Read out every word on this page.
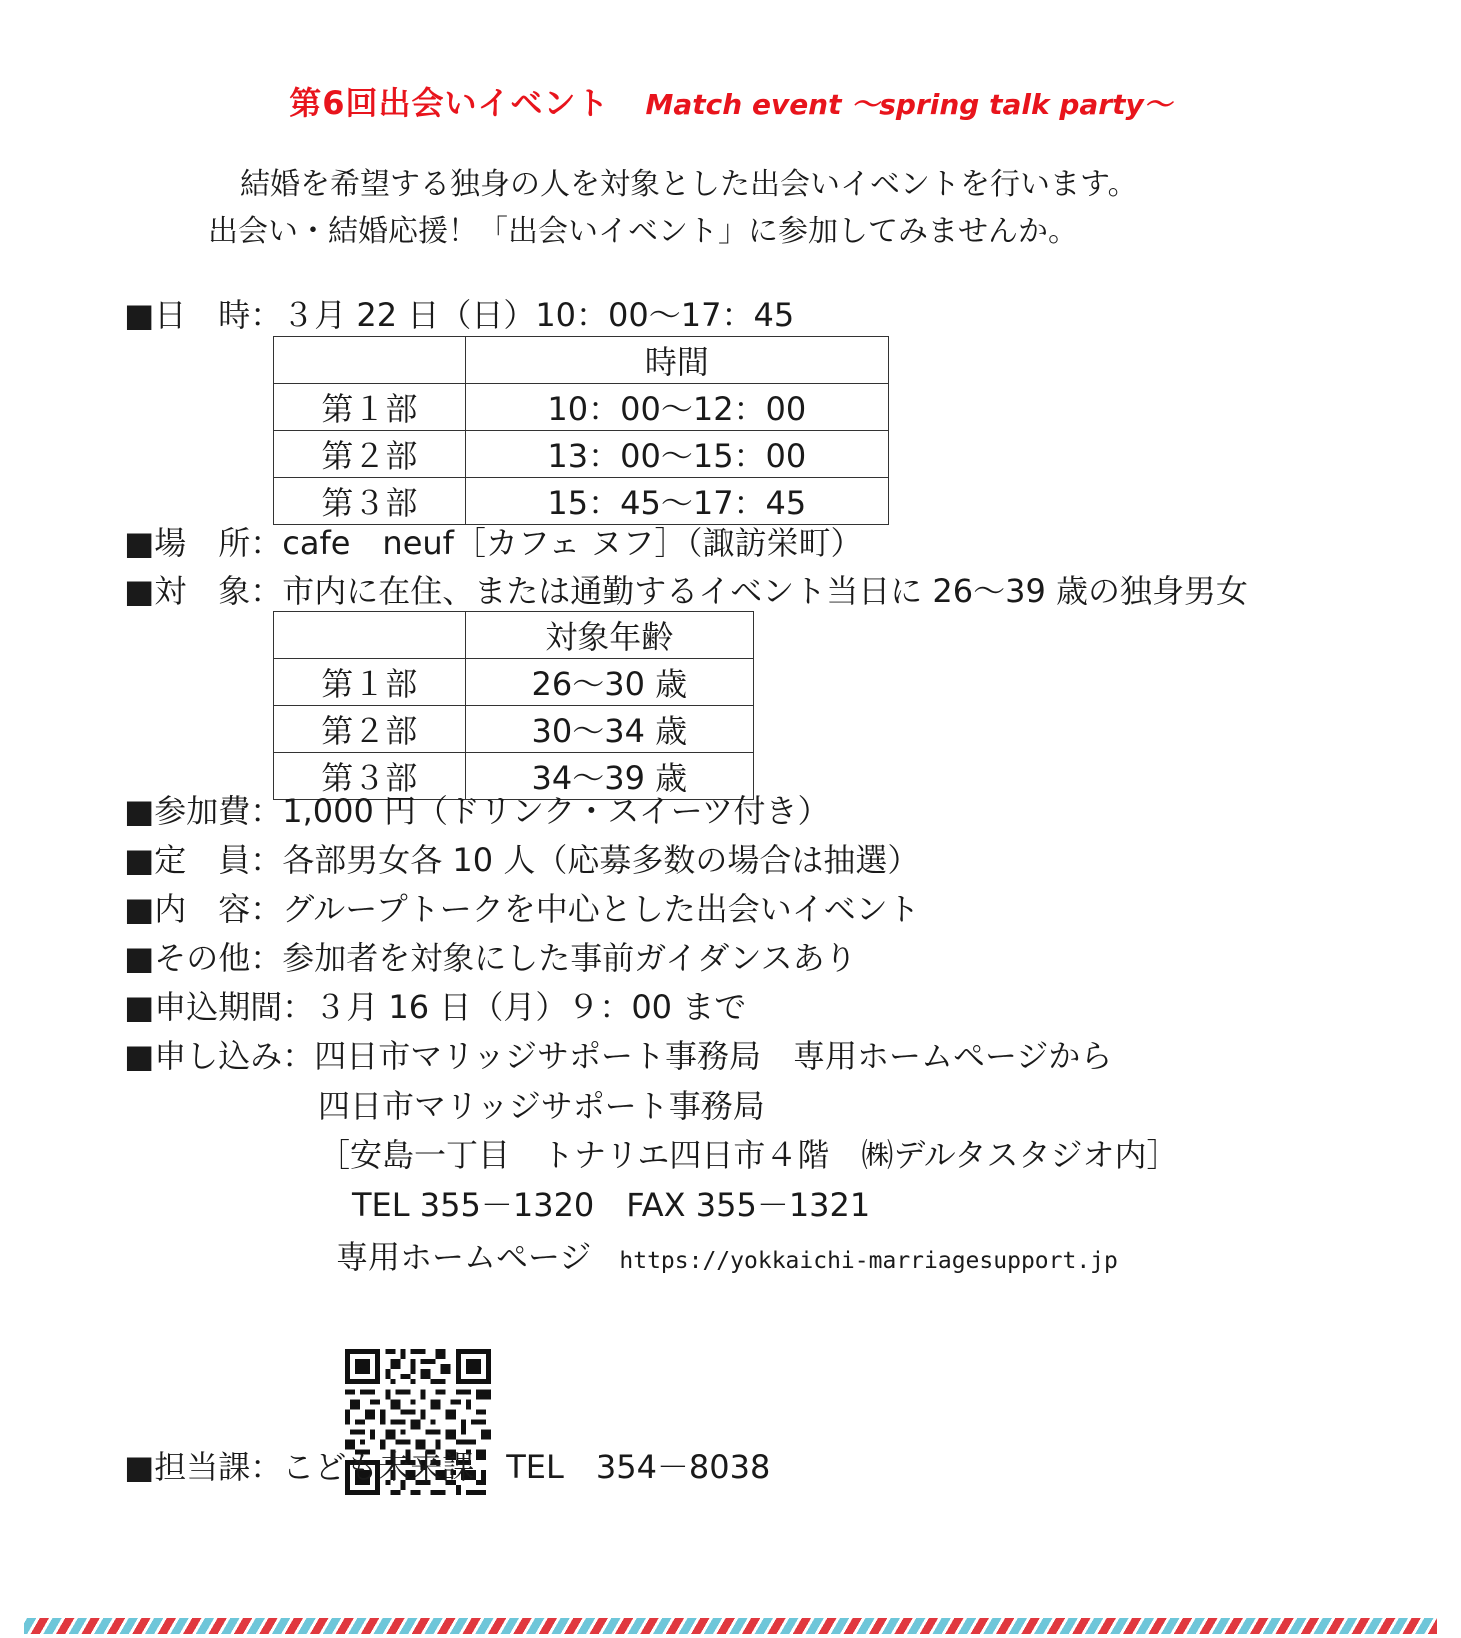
第6回出会いイベント Match event ～spring talk party～
結婚を希望する独身の人を対象とした出会いイベントを行います。
出会い・結婚応援！「出会いイベント」に参加してみませんか。
■日　時：３月 22 日（日）10：00～17：45
	時間
第１部	10：00～12：00
第２部	13：00～15：00
第３部	15：45～17：45
■場　所：cafe　neuf［カフェ ヌフ］（諏訪栄町）
■対　象：市内に在住、または通勤するイベント当日に 26～39 歳の独身男女
	対象年齢
第１部	26～30 歳
第２部	30～34 歳
第３部	34～39 歳
■参加費：1,000 円（ドリンク・スイーツ付き）
■定　員：各部男女各 10 人（応募多数の場合は抽選）
■内　容：グループトークを中心とした出会いイベント
■その他：参加者を対象にした事前ガイダンスあり
■申込期間：３月 16 日（月）９：00 まで
■申し込み：四日市マリッジサポート事務局　専用ホームページから
四日市マリッジサポート事務局
［安島一丁目　トナリエ四日市４階　㈱デルタスタジオ内］
TEL 355－1320　FAX 355－1321
専用ホームページ https://yokkaichi-marriagesupport.jp
■担当課：こども未来課　TEL　354－8038
